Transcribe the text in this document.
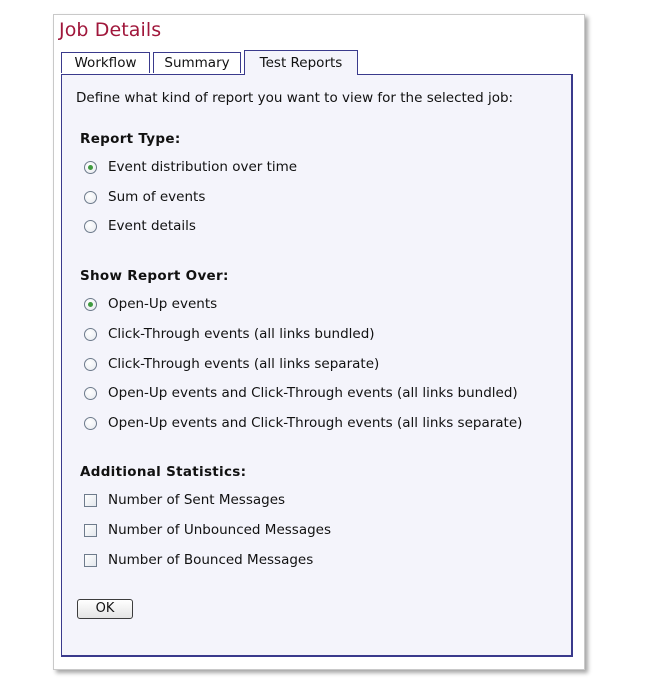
Job Details
Workflow	Summary	Test Reports
Define what kind of report you want to view for the selected job:
Report Type:
Event distribution over time
Sum of events
Event details
Show Report Over:
Open-Up events
Click-Through events (all links bundled)
Click-Through events (all links separate)
Open-Up events and Click-Through events (all links bundled)
Open-Up events and Click-Through events (all links separate)
Additional Statistics:
Number of Sent Messages
Number of Unbounced Messages
Number of Bounced Messages
OK
